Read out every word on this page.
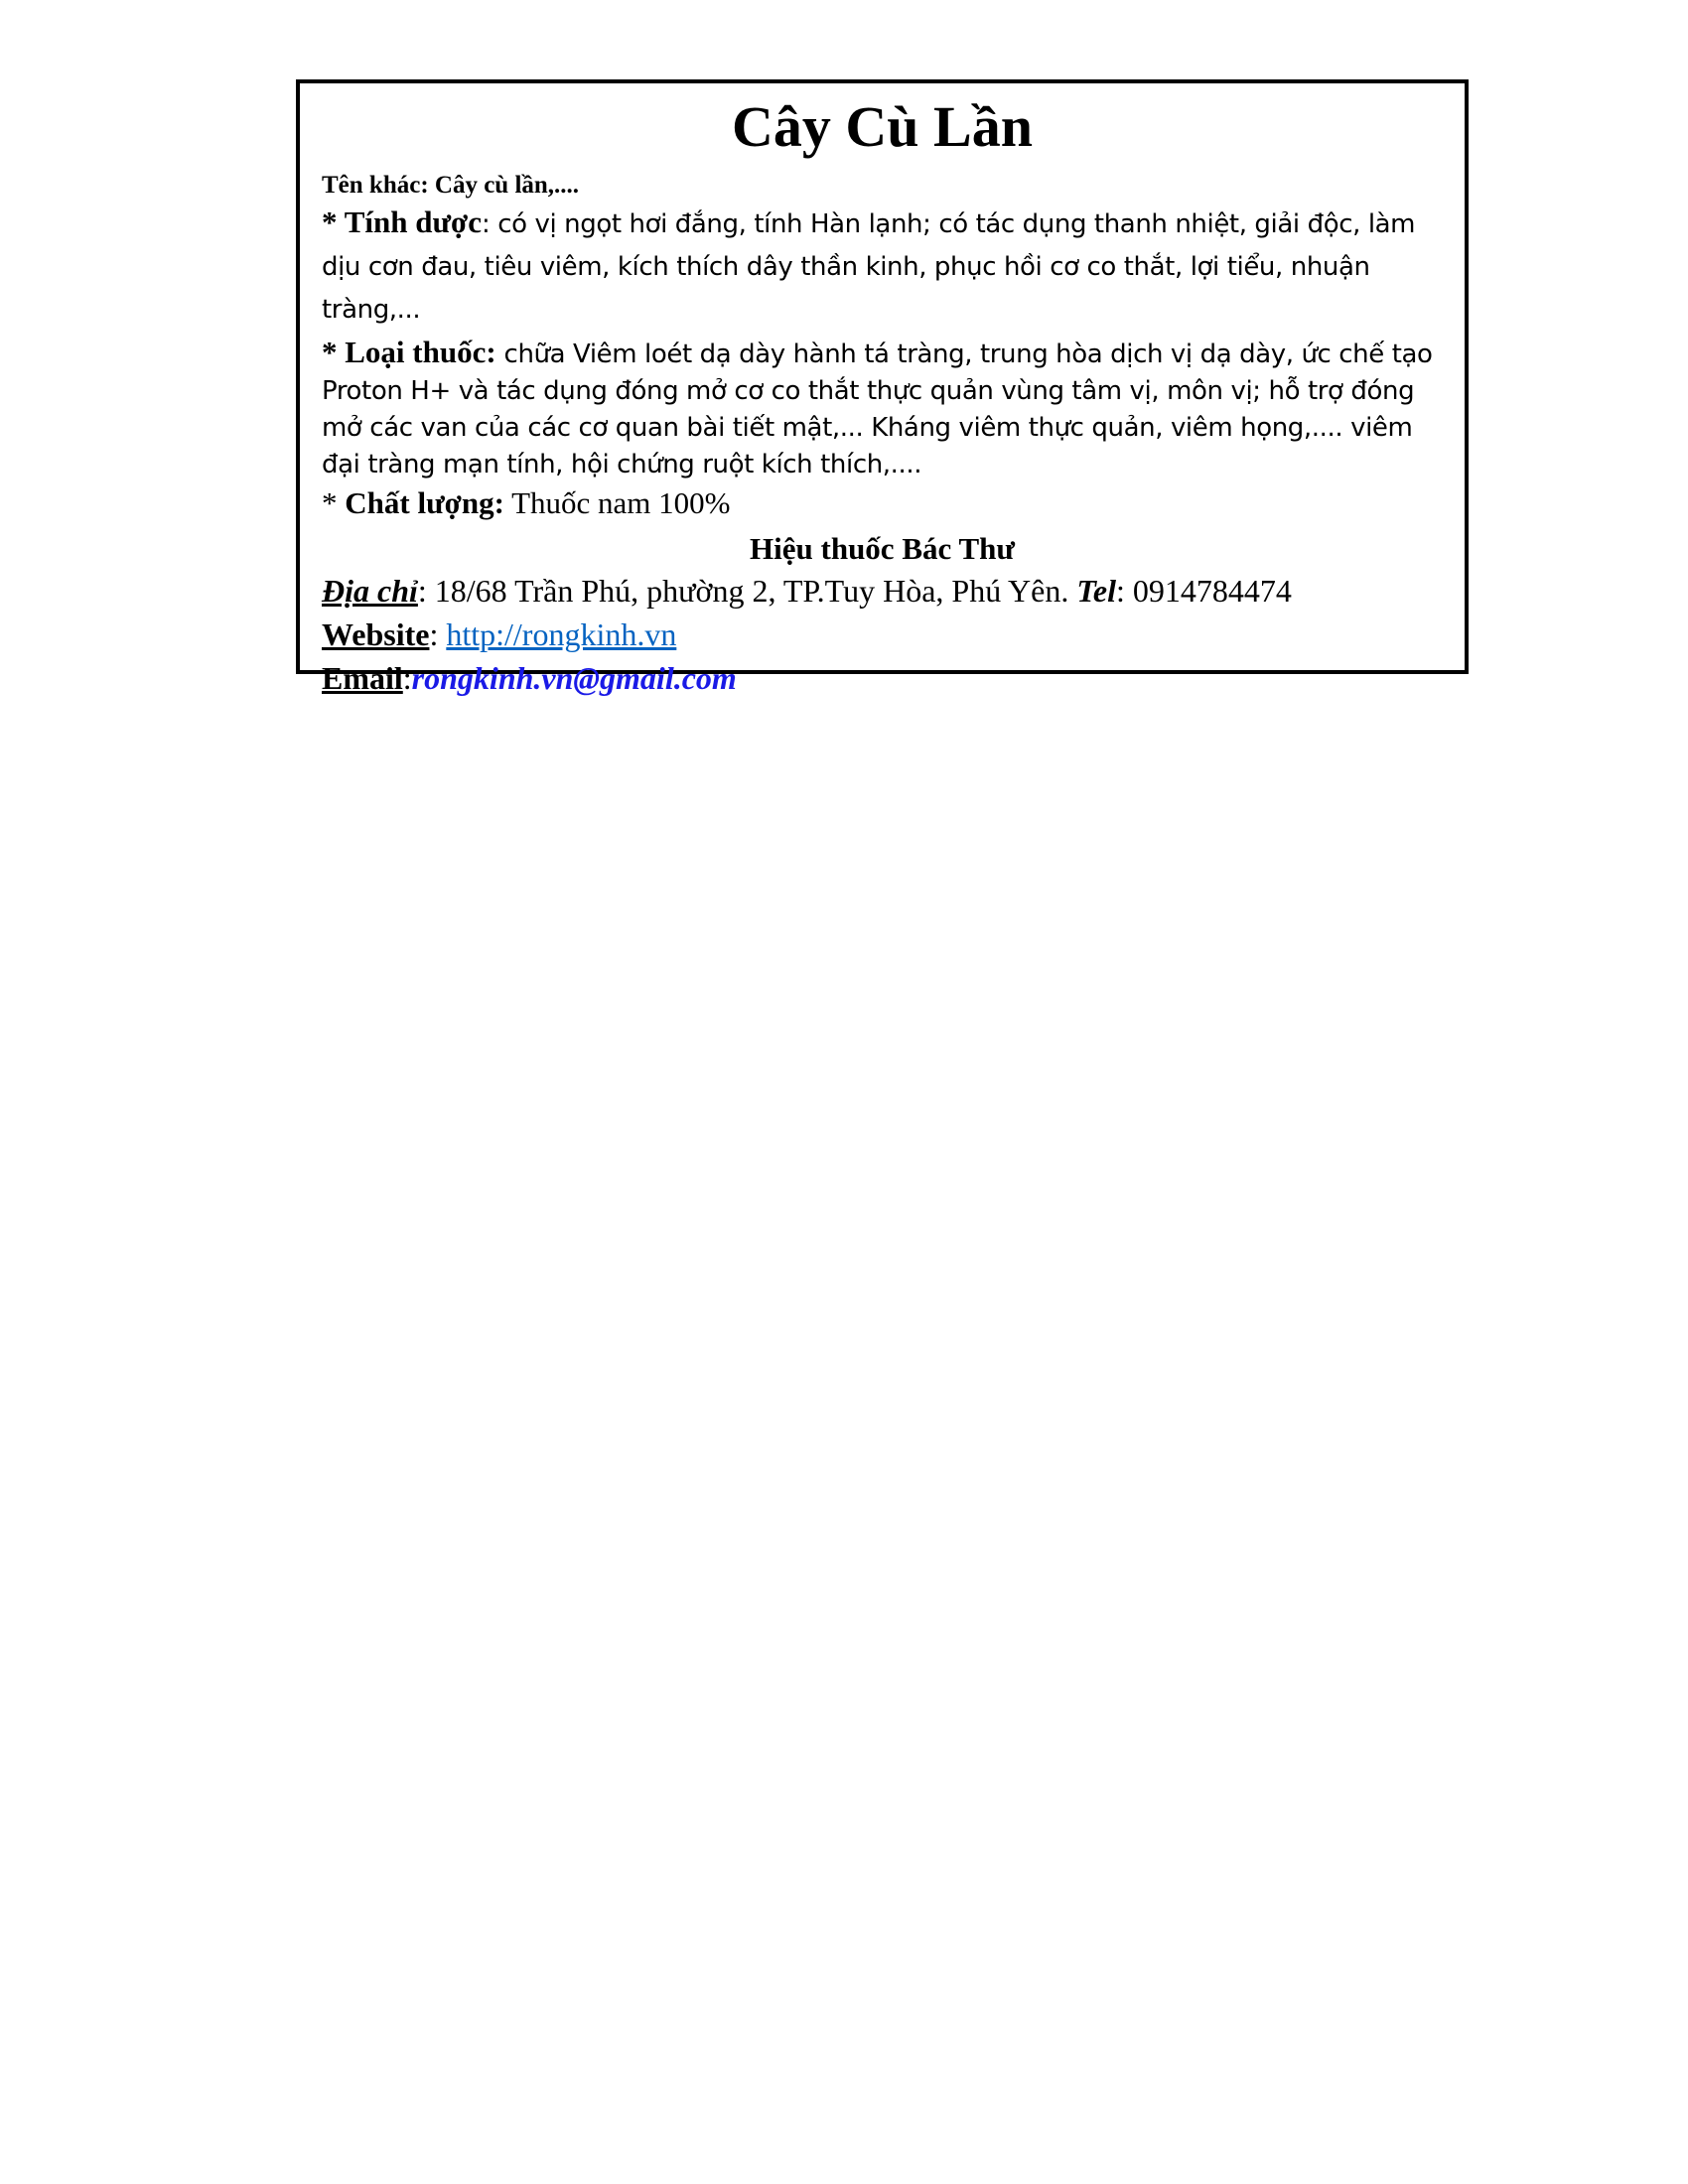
Cây Cù Lần
Tên khác: Cây cù lần,....

* Tính dược: có vị ngọt hơi đắng, tính Hàn lạnh; có tác dụng thanh nhiệt, giải độc, làm dịu cơn đau, tiêu viêm, kích thích dây thần kinh, phục hồi cơ co thắt, lợi tiểu, nhuận tràng,...

* Loại thuốc: chữa Viêm loét dạ dày hành tá tràng, trung hòa dịch vị dạ dày, ức chế tạo Proton H+ và tác dụng đóng mở cơ co thắt thực quản vùng tâm vị, môn vị; hỗ trợ đóng mở các van của các cơ quan bài tiết mật,... Kháng viêm thực quản, viêm họng,.... viêm đại tràng mạn tính, hội chứng ruột kích thích,....

* Chất lượng: Thuốc nam 100%

Hiệu thuốc Bác Thư

Địa chỉ: 18/68 Trần Phú, phường 2, TP.Tuy Hòa, Phú Yên. Tel: 0914784474

Website: http://rongkinh.vn

Email:rongkinh.vn@gmail.com
